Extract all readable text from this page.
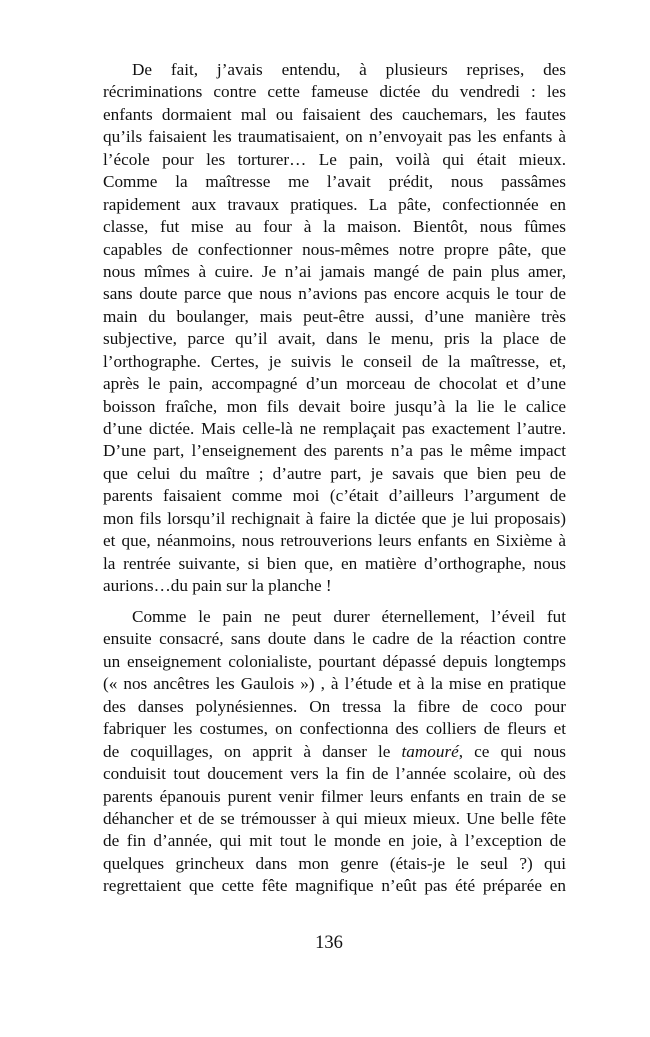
De fait, j’avais entendu, à plusieurs reprises, des
récriminations contre cette fameuse dictée du vendredi : les
enfants dormaient mal ou faisaient des cauchemars, les fautes
qu’ils faisaient les traumatisaient, on n’envoyait pas les enfants à
l’école pour les torturer… Le pain, voilà qui était mieux.
Comme la maîtresse me l’avait prédit, nous passâmes
rapidement aux travaux pratiques. La pâte, confectionnée en
classe, fut mise au four à la maison. Bientôt, nous fûmes
capables de confectionner nous-mêmes notre propre pâte, que
nous mîmes à cuire. Je n’ai jamais mangé de pain plus amer,
sans doute parce que nous n’avions pas encore acquis le tour de
main du boulanger, mais peut-être aussi, d’une manière très
subjective, parce qu’il avait, dans le menu, pris la place de
l’orthographe. Certes, je suivis le conseil de la maîtresse, et,
après le pain, accompagné d’un morceau de chocolat et d’une
boisson fraîche, mon fils devait boire jusqu’à la lie le calice
d’une dictée. Mais celle-là ne remplaçait pas exactement l’autre.
D’une part, l’enseignement des parents n’a pas le même impact
que celui du maître ; d’autre part, je savais que bien peu de
parents faisaient comme moi (c’était d’ailleurs l’argument de
mon fils lorsqu’il rechignait à faire la dictée que je lui proposais)
et que, néanmoins, nous retrouverions leurs enfants en Sixième à
la rentrée suivante, si bien que, en matière d’orthographe, nous
aurions…du pain sur la planche !
Comme le pain ne peut durer éternellement, l’éveil fut
ensuite consacré, sans doute dans le cadre de la réaction contre
un enseignement colonialiste, pourtant dépassé depuis longtemps
(« nos ancêtres les Gaulois ») , à l’étude et à la mise en pratique
des danses polynésiennes. On tressa la fibre de coco pour
fabriquer les costumes, on confectionna des colliers de fleurs et
de coquillages, on apprit à danser le tamouré, ce qui nous
conduisit tout doucement vers la fin de l’année scolaire, où des
parents épanouis purent venir filmer leurs enfants en train de se
déhancher et de se trémousser à qui mieux mieux. Une belle fête
de fin d’année, qui mit tout le monde en joie, à l’exception de
quelques grincheux dans mon genre (étais-je le seul ?) qui
regrettaient que cette fête magnifique n’eût pas été préparée en
136
